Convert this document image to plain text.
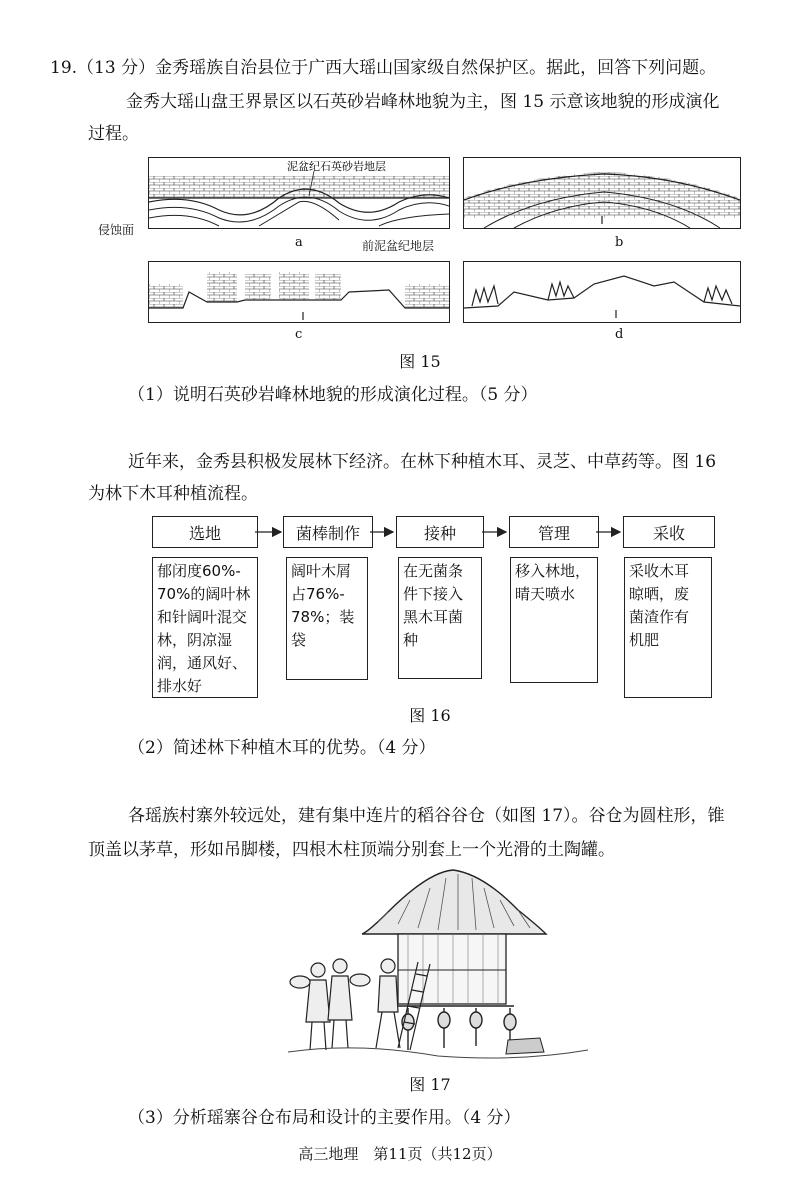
19.（13 分）金秀瑶族自治县位于广西大瑶山国家级自然保护区。据此，回答下列问题。
金秀大瑶山盘王界景区以石英砂岩峰林地貌为主，图 15 示意该地貌的形成演化
过程。
泥盆纪石英砂岩地层
侵蚀面
前泥盆纪地层
a	b
c	d
图 15
（1）说明石英砂岩峰林地貌的形成演化过程。（5 分）
近年来，金秀县积极发展林下经济。在林下种植木耳、灵芝、中草药等。图 16
为林下木耳种植流程。
选地	菌棒制作	接种	管理	采收
郁闭度60%-
70%的阔叶林
和针阔叶混交
林，阴凉湿
润，通风好、
排水好
阔叶木屑
占76%-
78%；装
袋
在无菌条
件下接入
黑木耳菌
种
移入林地，
晴天喷水
采收木耳
晾晒，废
菌渣作有
机肥
图 16
（2）简述林下种植木耳的优势。（4 分）
各瑶族村寨外较远处，建有集中连片的稻谷谷仓（如图 17）。谷仓为圆柱形，锥
顶盖以茅草，形如吊脚楼，四根木柱顶端分别套上一个光滑的土陶罐。
图 17
（3）分析瑶寨谷仓布局和设计的主要作用。（4 分）
高三地理　第11页（共12页）
